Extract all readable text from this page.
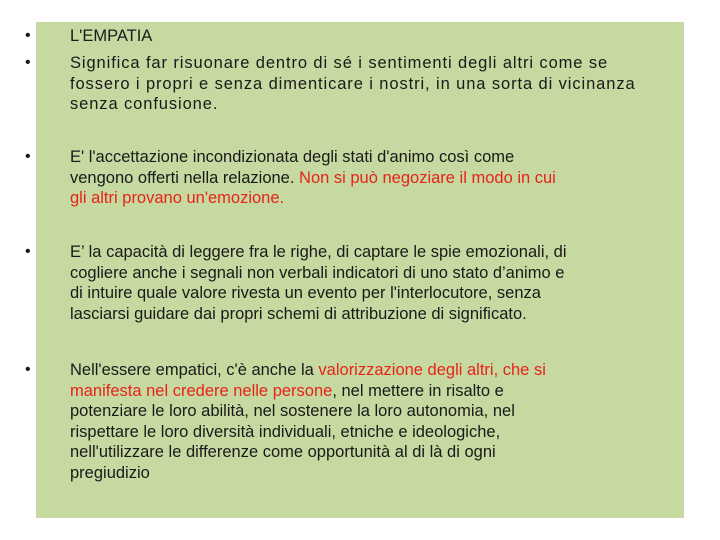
• L'EMPATIA
• Significa far risuonare dentro di sé i sentimenti degli altri come se
fossero i propri e senza dimenticare i nostri, in una sorta di vicinanza
senza confusione.
• E' l'accettazione incondizionata degli stati d'animo così come
vengono offerti nella relazione. Non si può negoziare il modo in cui
gli altri provano un'emozione.
• E’ la capacità di leggere fra le righe, di captare le spie emozionali, di
cogliere anche i segnali non verbali indicatori di uno stato d’animo e
di intuire quale valore rivesta un evento per l'interlocutore, senza
lasciarsi guidare dai propri schemi di attribuzione di significato.
• Nell'essere empatici, c'è anche la valorizzazione degli altri, che si
manifesta nel credere nelle persone, nel mettere in risalto e
potenziare le loro abilità, nel sostenere la loro autonomia, nel
rispettare le loro diversità individuali, etniche e ideologiche,
nell'utilizzare le differenze come opportunità al di là di ogni
pregiudizio
